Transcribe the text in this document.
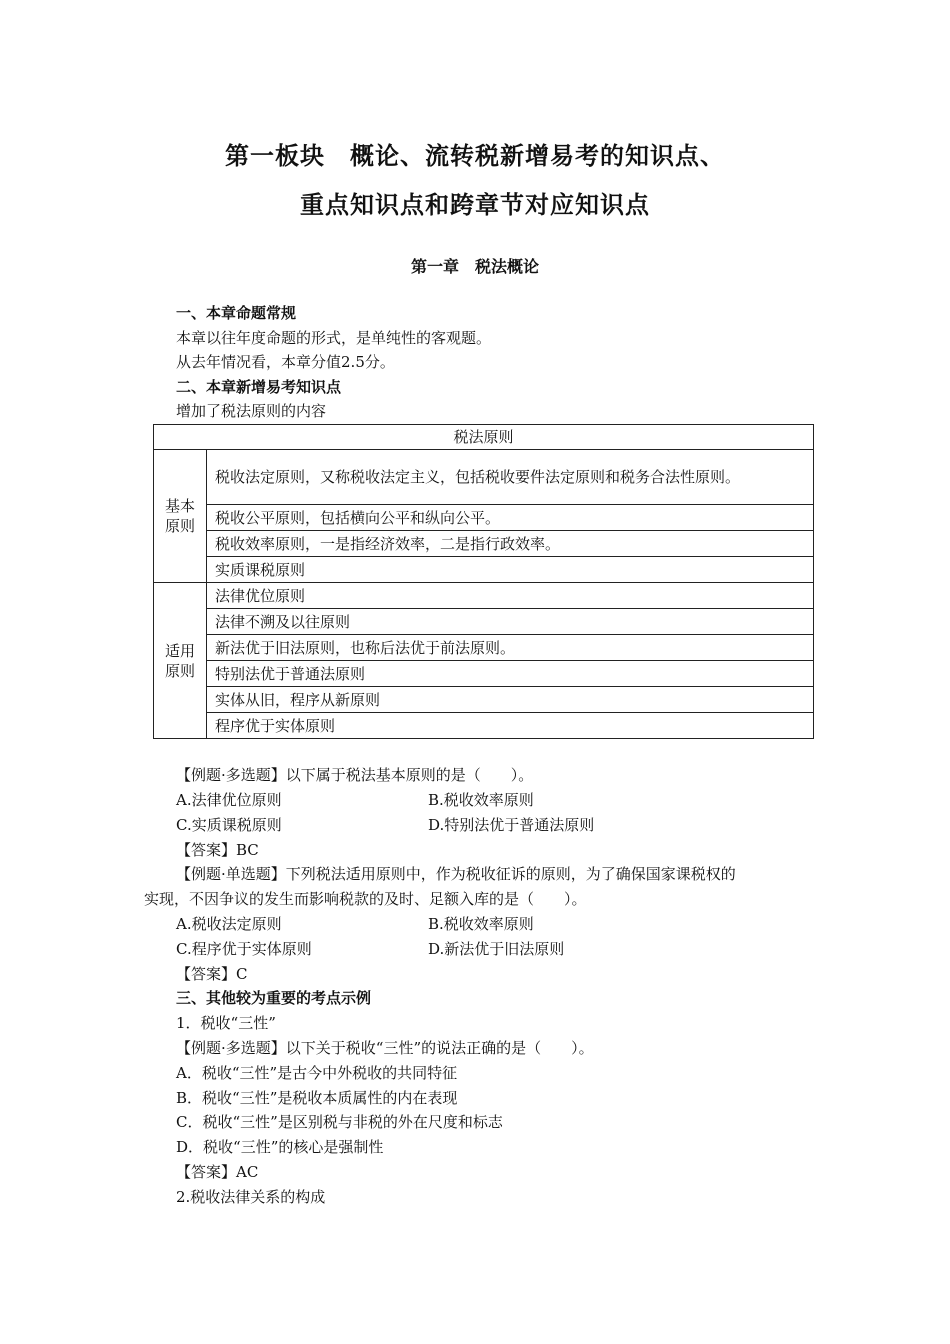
第一板块　概论、流转税新增易考的知识点、
重点知识点和跨章节对应知识点
第一章　税法概论
一、本章命题常规
本章以往年度命题的形式，是单纯性的客观题。
从去年情况看，本章分值2.5分。
二、本章新增易考知识点
增加了税法原则的内容
税法原则	
基本原则	税收法定原则，又称税收法定主义，包括税收要件法定原则和税务合法性原则。
	税收公平原则，包括横向公平和纵向公平。
	税收效率原则，一是指经济效率，二是指行政效率。
	实质课税原则
适用原则	法律优位原则
	法律不溯及以往原则
	新法优于旧法原则，也称后法优于前法原则。
	特别法优于普通法原则
	实体从旧，程序从新原则
	程序优于实体原则
【例题·多选题】以下属于税法基本原则的是（　　）。
A.法律优位原则	B.税收效率原则
C.实质课税原则	D.特别法优于普通法原则
【答案】BC
【例题·单选题】下列税法适用原则中，作为税收征诉的原则，为了确保国家课税权的
实现，不因争议的发生而影响税款的及时、足额入库的是（　　）。
A.税收法定原则	B.税收效率原则
C.程序优于实体原则	D.新法优于旧法原则
【答案】C
三、其他较为重要的考点示例
1．税收“三性”
【例题·多选题】以下关于税收“三性”的说法正确的是（　　）。
A．税收“三性”是古今中外税收的共同特征
B．税收“三性”是税收本质属性的内在表现
C．税收“三性”是区别税与非税的外在尺度和标志
D．税收“三性”的核心是强制性
【答案】AC
2.税收法律关系的构成
